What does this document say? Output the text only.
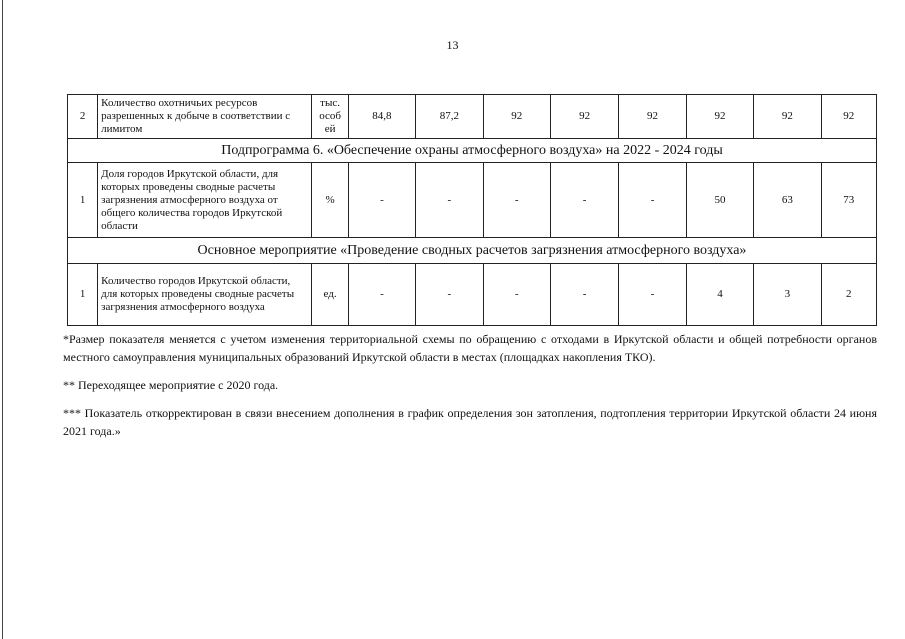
13
2	Количество охотничьих ресурсов разрешенных к добыче в соответствии с лимитом	тыс. особ ей	84,8	87,2	92	92	92	92	92	92
Подпрограмма 6. «Обеспечение охраны атмосферного воздуха» на 2022 - 2024 годы										
1	Доля городов Иркутской области, для которых проведены сводные расчеты загрязнения атмосферного воздуха от общего количества городов Иркутской области	%	-	-	-	-	-	50	63	73
Основное мероприятие «Проведение сводных расчетов загрязнения атмосферного воздуха»										
1	Количество городов Иркутской области, для которых проведены сводные расчеты загрязнения атмосферного воздуха	ед.	-	-	-	-	-	4	3	2

*Размер показателя меняется с учетом изменения территориальной схемы по обращению с отходами в Иркутской области и общей потребности органов местного самоуправления муниципальных образований Иркутской области в местах (площадках накопления ТКО).

** Переходящее мероприятие с 2020 года.

*** Показатель откорректирован в связи внесением дополнения в график определения зон затопления, подтопления территории Иркутской области 24 июня 2021 года.»
